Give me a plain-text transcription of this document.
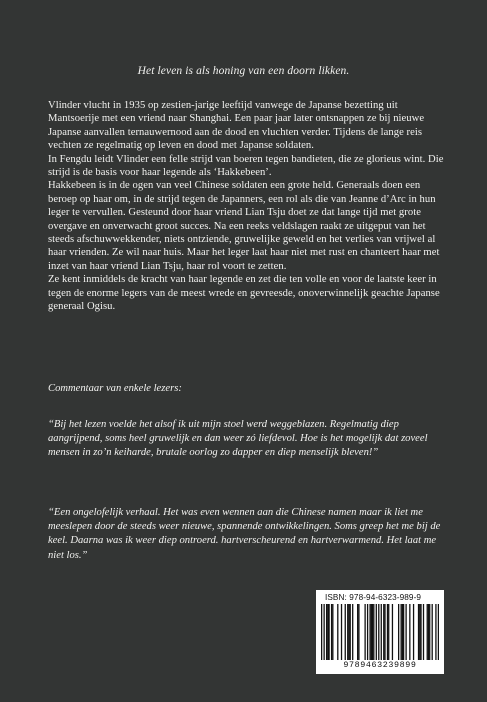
Het leven is als honing van een doorn likken.

Vlinder vlucht in 1935 op zestien-jarige leeftijd vanwege de Japanse bezetting uit Mantsoerije met een vriend naar Shanghai. Een paar jaar later ontsnappen ze bij nieuwe Japanse aanvallen ternauwernood aan de dood en vluchten verder. Tijdens de lange reis vechten ze regelmatig op leven en dood met Japanse soldaten.

In Fengdu leidt Vlinder een felle strijd van boeren tegen bandieten, die ze glorieus wint. Die strijd is de basis voor haar legende als ‘Hakkebeen’.

Hakkebeen is in de ogen van veel Chinese soldaten een grote held. Generaals doen een beroep op haar om, in de strijd tegen de Japanners, een rol als die van Jeanne d’Arc in hun leger te vervullen. Gesteund door haar vriend Lian Tsju doet ze dat lange tijd met grote overgave en onverwacht groot succes. Na een reeks veldslagen raakt ze uitgeput van het steeds afschuwwekkender, niets ontziende, gruwelijke geweld en het verlies van vrijwel al haar vrienden. Ze wil naar huis. Maar het leger laat haar niet met rust en chanteert haar met inzet van haar vriend Lian Tsju, haar rol voort te zetten.

Ze kent inmiddels de kracht van haar legende en zet die ten volle en voor de laatste keer in tegen de enorme legers van de meest wrede en gevreesde, onoverwinnelijk geachte Japanse generaal Ogisu.

Commentaar van enkele lezers:
“Bij het lezen voelde het alsof ik uit mijn stoel werd weggeblazen. Regelmatig diep aangrijpend, soms heel gruwelijk en dan weer zó liefdevol. Hoe is het mogelijk dat zoveel mensen in zo’n keiharde, brutale oorlog zo dapper en diep menselijk bleven!”
“Een ongelofelijk verhaal. Het was even wennen aan die Chinese namen maar ik liet me meeslepen door de steeds weer nieuwe, spannende ontwikkelingen. Soms greep het me bij de keel. Daarna was ik weer diep ontroerd. hartverscheurend en hartverwarmend. Het laat me niet los.”
ISBN: 978-94-6323-989-9
9789463239899
